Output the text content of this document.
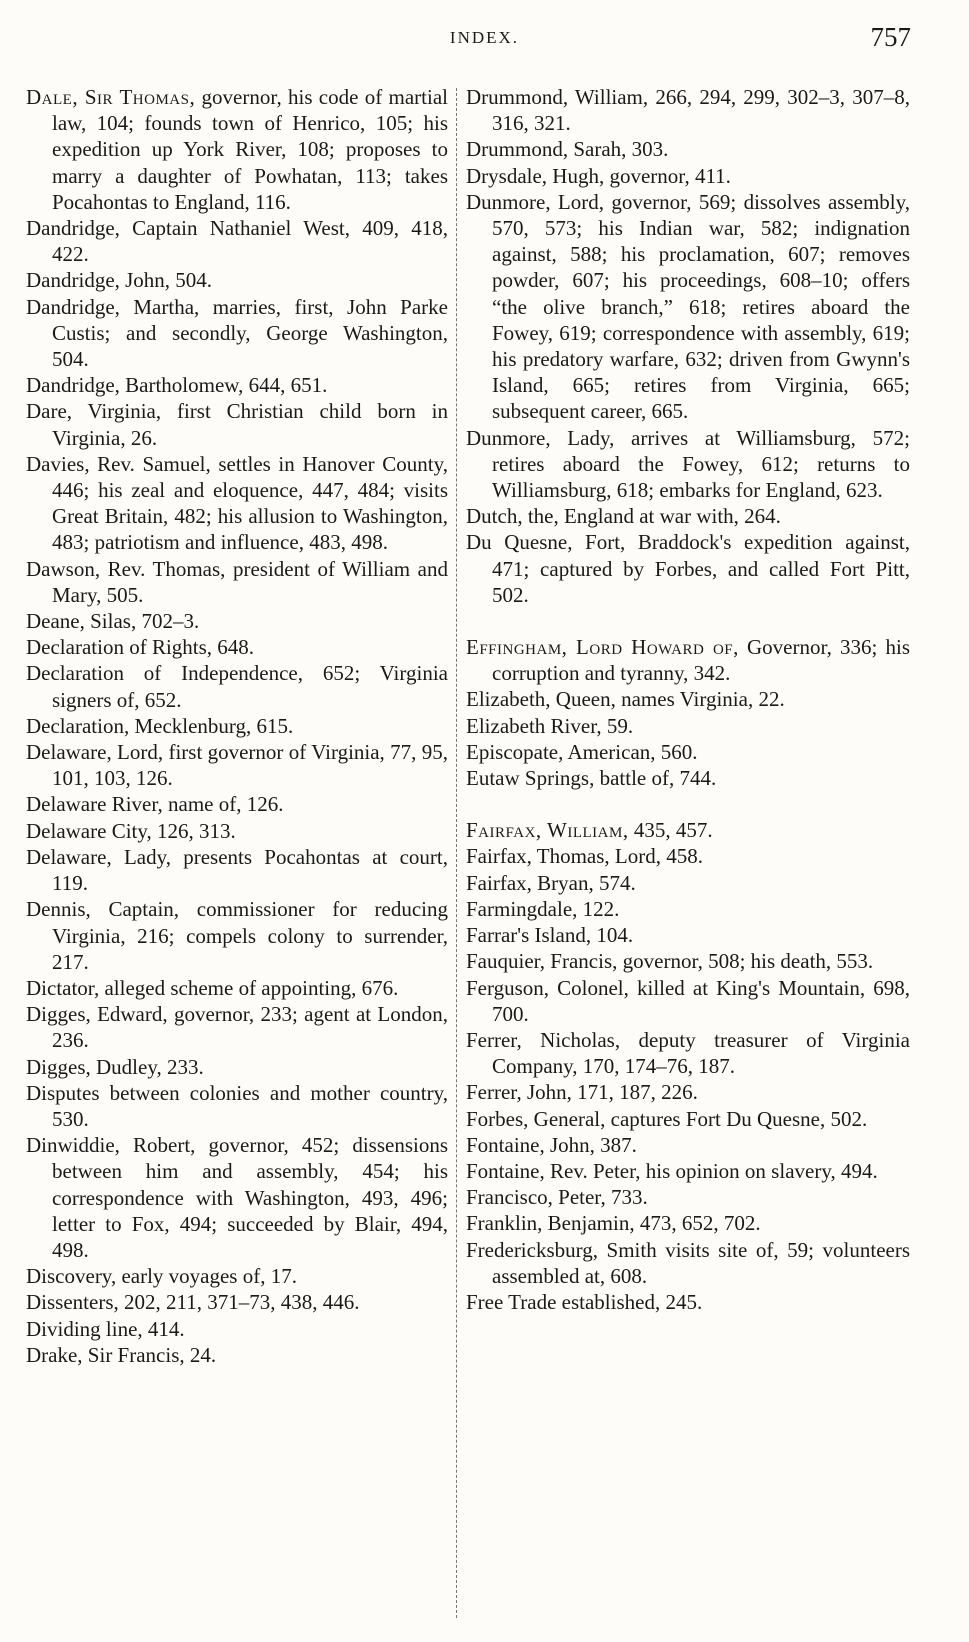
INDEX.	757
Dale, Sir Thomas, governor, his code of martial law, 104; founds town of Henrico, 105; his expedition up York River, 108; proposes to marry a daughter of Powhatan, 113; takes Pocahontas to England, 116.
Dandridge, Captain Nathaniel West, 409, 418, 422.
Dandridge, John, 504.
Dandridge, Martha, marries, first, John Parke Custis; and secondly, George Washington, 504.
Dandridge, Bartholomew, 644, 651.
Dare, Virginia, first Christian child born in Virginia, 26.
Davies, Rev. Samuel, settles in Hanover County, 446; his zeal and eloquence, 447, 484; visits Great Britain, 482; his allusion to Washington, 483; patriotism and influence, 483, 498.
Dawson, Rev. Thomas, president of William and Mary, 505.
Deane, Silas, 702–3.
Declaration of Rights, 648.
Declaration of Independence, 652; Virginia signers of, 652.
Declaration, Mecklenburg, 615.
Delaware, Lord, first governor of Virginia, 77, 95, 101, 103, 126.
Delaware River, name of, 126.
Delaware City, 126, 313.
Delaware, Lady, presents Pocahontas at court, 119.
Dennis, Captain, commissioner for reducing Virginia, 216; compels colony to surrender, 217.
Dictator, alleged scheme of appointing, 676.
Digges, Edward, governor, 233; agent at London, 236.
Digges, Dudley, 233.
Disputes between colonies and mother country, 530.
Dinwiddie, Robert, governor, 452; dissensions between him and assembly, 454; his correspondence with Washington, 493, 496; letter to Fox, 494; succeeded by Blair, 494, 498.
Discovery, early voyages of, 17.
Dissenters, 202, 211, 371–73, 438, 446.
Dividing line, 414.
Drake, Sir Francis, 24.
Drummond, William, 266, 294, 299, 302–3, 307–8, 316, 321.
Drummond, Sarah, 303.
Drysdale, Hugh, governor, 411.
Dunmore, Lord, governor, 569; dissolves assembly, 570, 573; his Indian war, 582; indignation against, 588; his proclamation, 607; removes powder, 607; his proceedings, 608–10; offers “the olive branch,” 618; retires aboard the Fowey, 619; correspondence with assembly, 619; his predatory warfare, 632; driven from Gwynn's Island, 665; retires from Virginia, 665; subsequent career, 665.
Dunmore, Lady, arrives at Williamsburg, 572; retires aboard the Fowey, 612; returns to Williamsburg, 618; embarks for England, 623.
Dutch, the, England at war with, 264.
Du Quesne, Fort, Braddock's expedition against, 471; captured by Forbes, and called Fort Pitt, 502.
Effingham, Lord Howard of, Governor, 336; his corruption and tyranny, 342.
Elizabeth, Queen, names Virginia, 22.
Elizabeth River, 59.
Episcopate, American, 560.
Eutaw Springs, battle of, 744.
Fairfax, William, 435, 457.
Fairfax, Thomas, Lord, 458.
Fairfax, Bryan, 574.
Farmingdale, 122.
Farrar's Island, 104.
Fauquier, Francis, governor, 508; his death, 553.
Ferguson, Colonel, killed at King's Mountain, 698, 700.
Ferrer, Nicholas, deputy treasurer of Virginia Company, 170, 174–76, 187.
Ferrer, John, 171, 187, 226.
Forbes, General, captures Fort Du Quesne, 502.
Fontaine, John, 387.
Fontaine, Rev. Peter, his opinion on slavery, 494.
Francisco, Peter, 733.
Franklin, Benjamin, 473, 652, 702.
Fredericksburg, Smith visits site of, 59; volunteers assembled at, 608.
Free Trade established, 245.
